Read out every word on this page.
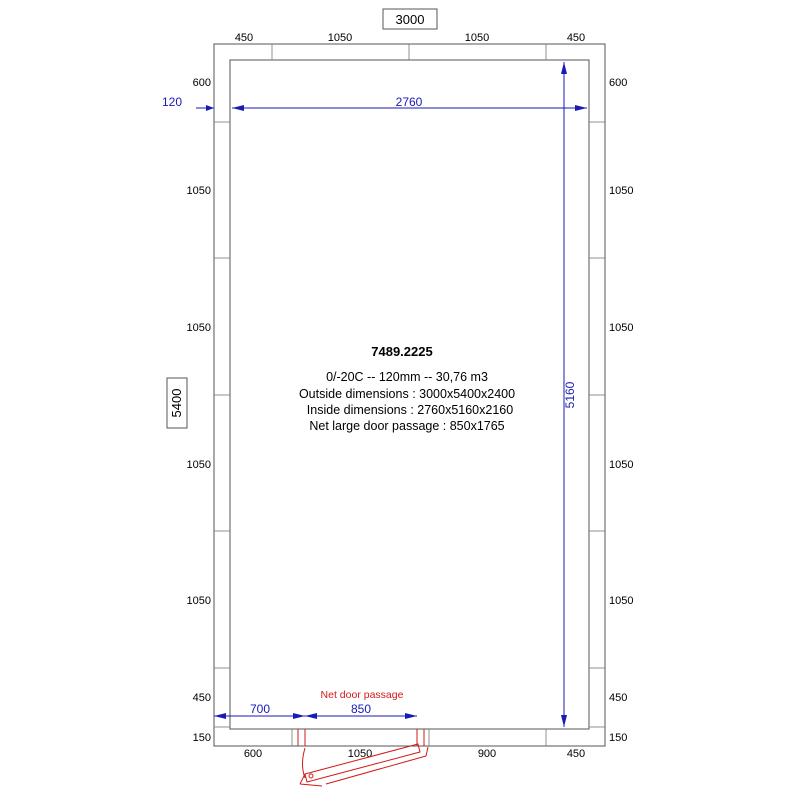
3000
5400
450	1050	1050	450
600	1050	900	450
600
1050
1050
1050
1050
450
150
600
1050
1050
1050
1050
450
150
120	2760
5160
700	850
Net door passage
7489.2225
0/-20C -- 120mm -- 30,76 m3
Outside dimensions : 3000x5400x2400
Inside dimensions : 2760x5160x2160
Net large door passage : 850x1765
